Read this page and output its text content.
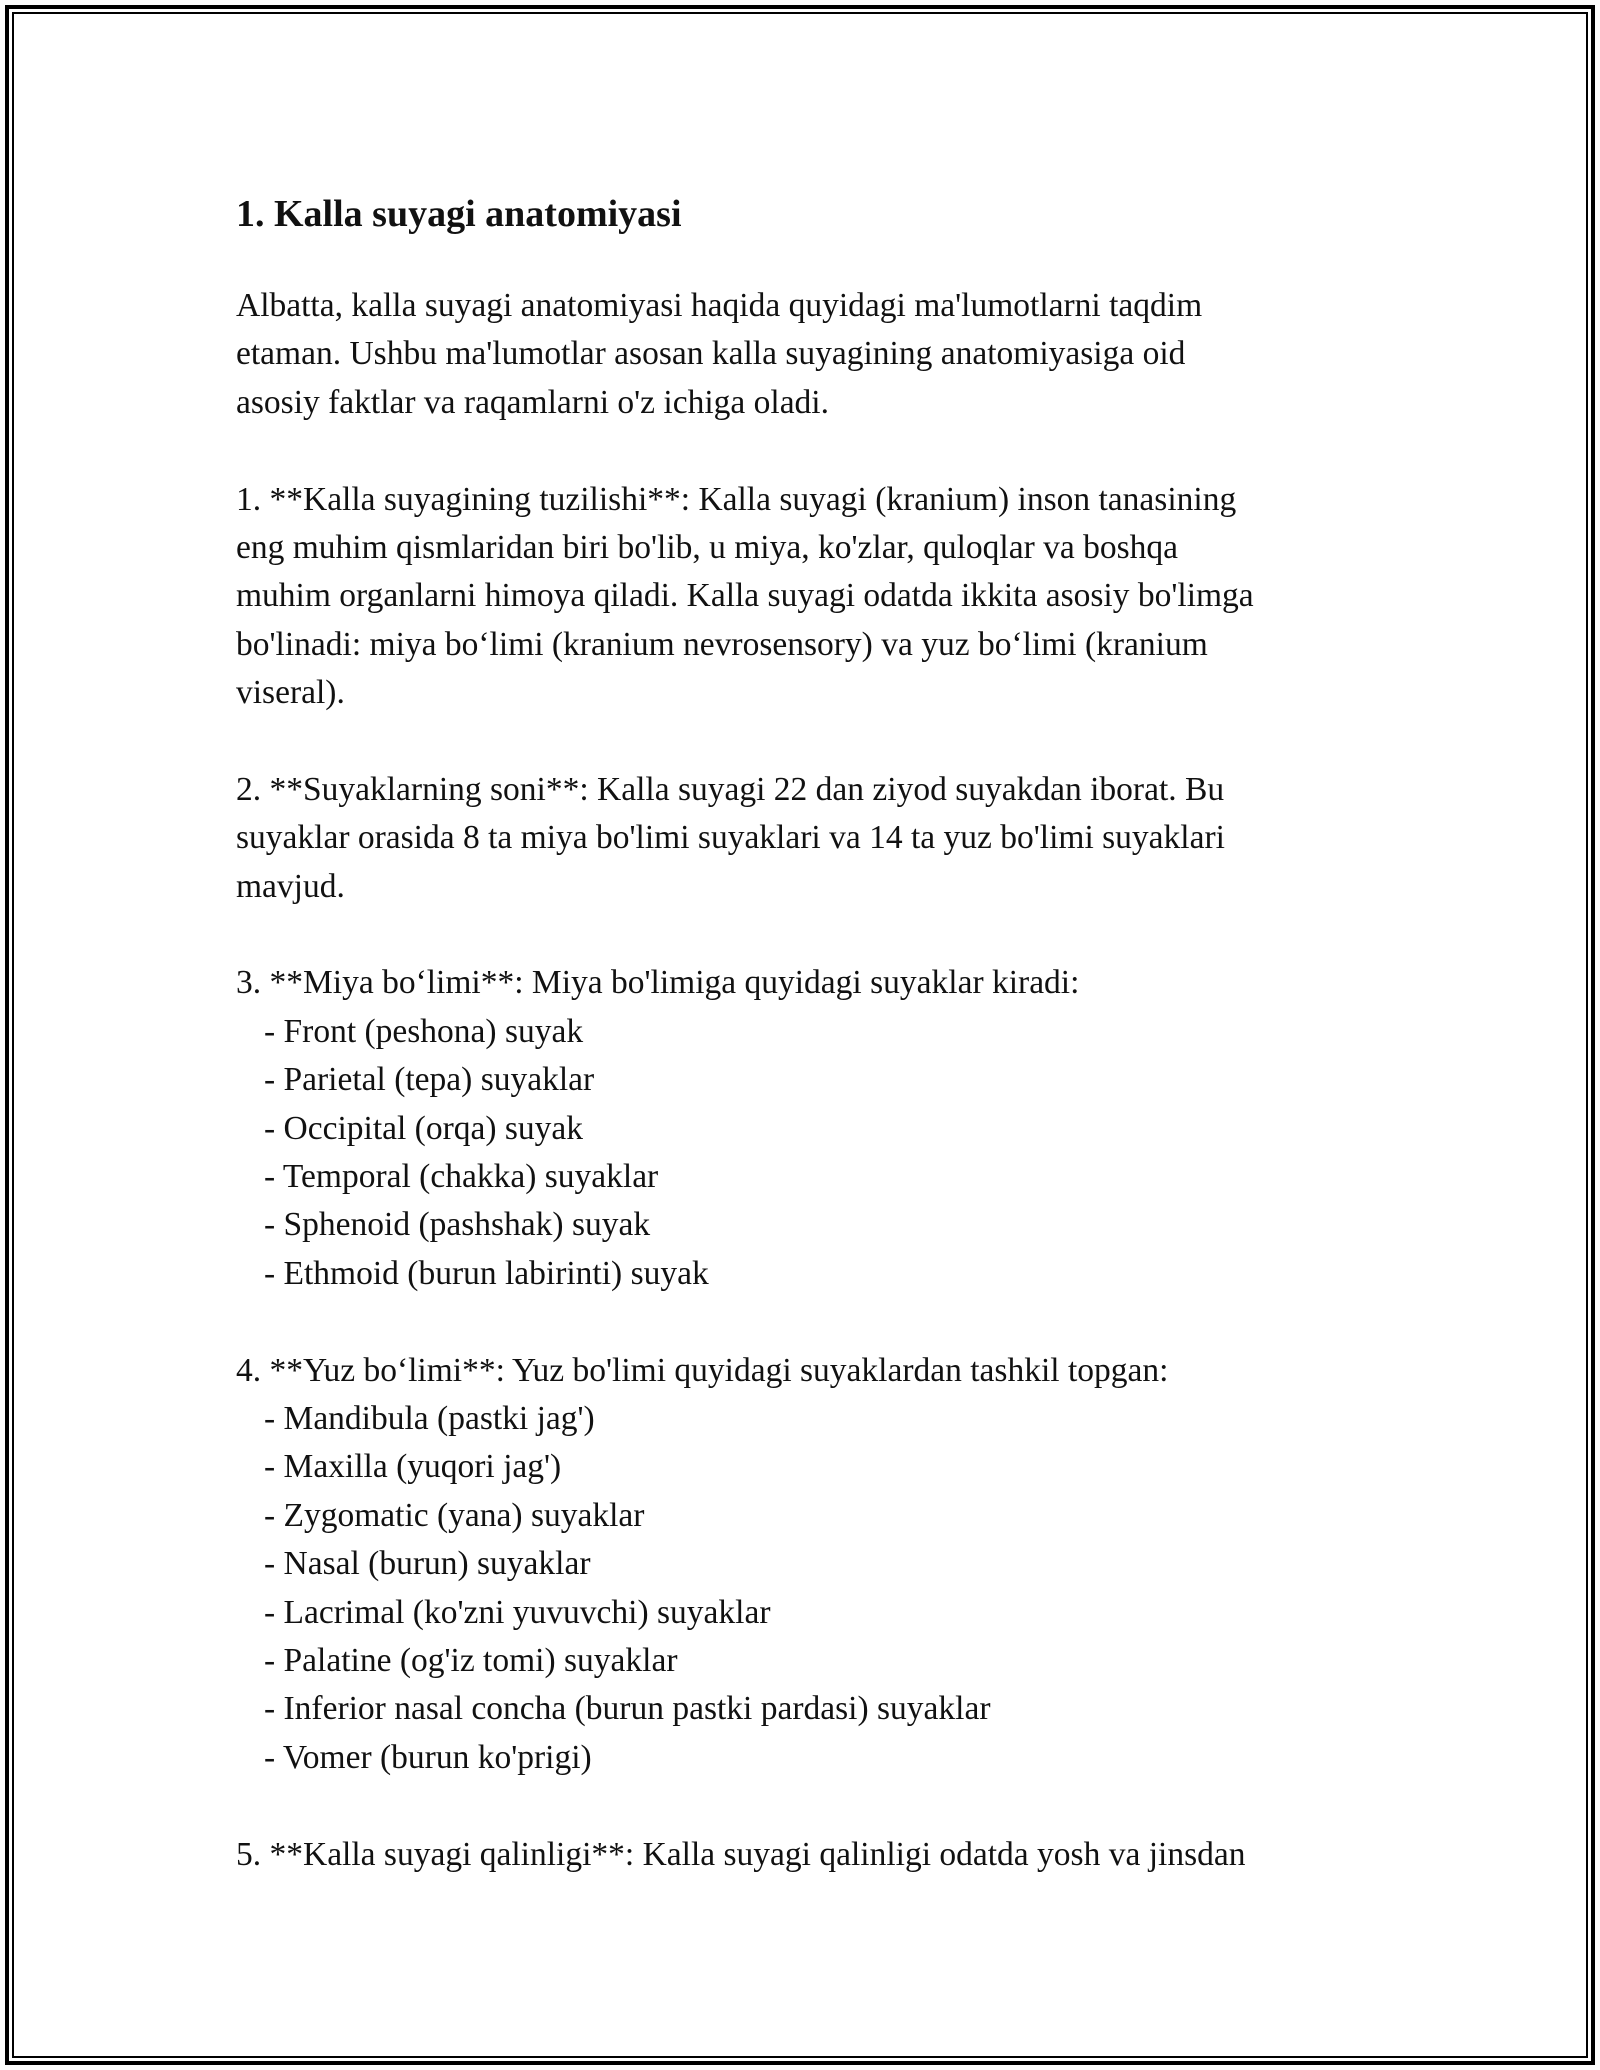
1. Kalla suyagi anatomiyasi
Albatta, kalla suyagi anatomiyasi haqida quyidagi ma'lumotlarni taqdim
etaman. Ushbu ma'lumotlar asosan kalla suyagining anatomiyasiga oid
asosiy faktlar va raqamlarni o'z ichiga oladi.
1. **Kalla suyagining tuzilishi**: Kalla suyagi (kranium) inson tanasining
eng muhim qismlaridan biri bo'lib, u miya, ko'zlar, quloqlar va boshqa
muhim organlarni himoya qiladi. Kalla suyagi odatda ikkita asosiy bo'limga
bo'linadi: miya bo‘limi (kranium nevrosensory) va yuz bo‘limi (kranium
viseral).
2. **Suyaklarning soni**: Kalla suyagi 22 dan ziyod suyakdan iborat. Bu
suyaklar orasida 8 ta miya bo'limi suyaklari va 14 ta yuz bo'limi suyaklari
mavjud.
3. **Miya bo‘limi**: Miya bo'limiga quyidagi suyaklar kiradi:
- Front (peshona) suyak
- Parietal (tepa) suyaklar
- Occipital (orqa) suyak
- Temporal (chakka) suyaklar
- Sphenoid (pashshak) suyak
- Ethmoid (burun labirinti) suyak
4. **Yuz bo‘limi**: Yuz bo'limi quyidagi suyaklardan tashkil topgan:
- Mandibula (pastki jag')
- Maxilla (yuqori jag')
- Zygomatic (yana) suyaklar
- Nasal (burun) suyaklar
- Lacrimal (ko'zni yuvuvchi) suyaklar
- Palatine (og'iz tomi) suyaklar
- Inferior nasal concha (burun pastki pardasi) suyaklar
- Vomer (burun ko'prigi)
5. **Kalla suyagi qalinligi**: Kalla suyagi qalinligi odatda yosh va jinsdan
